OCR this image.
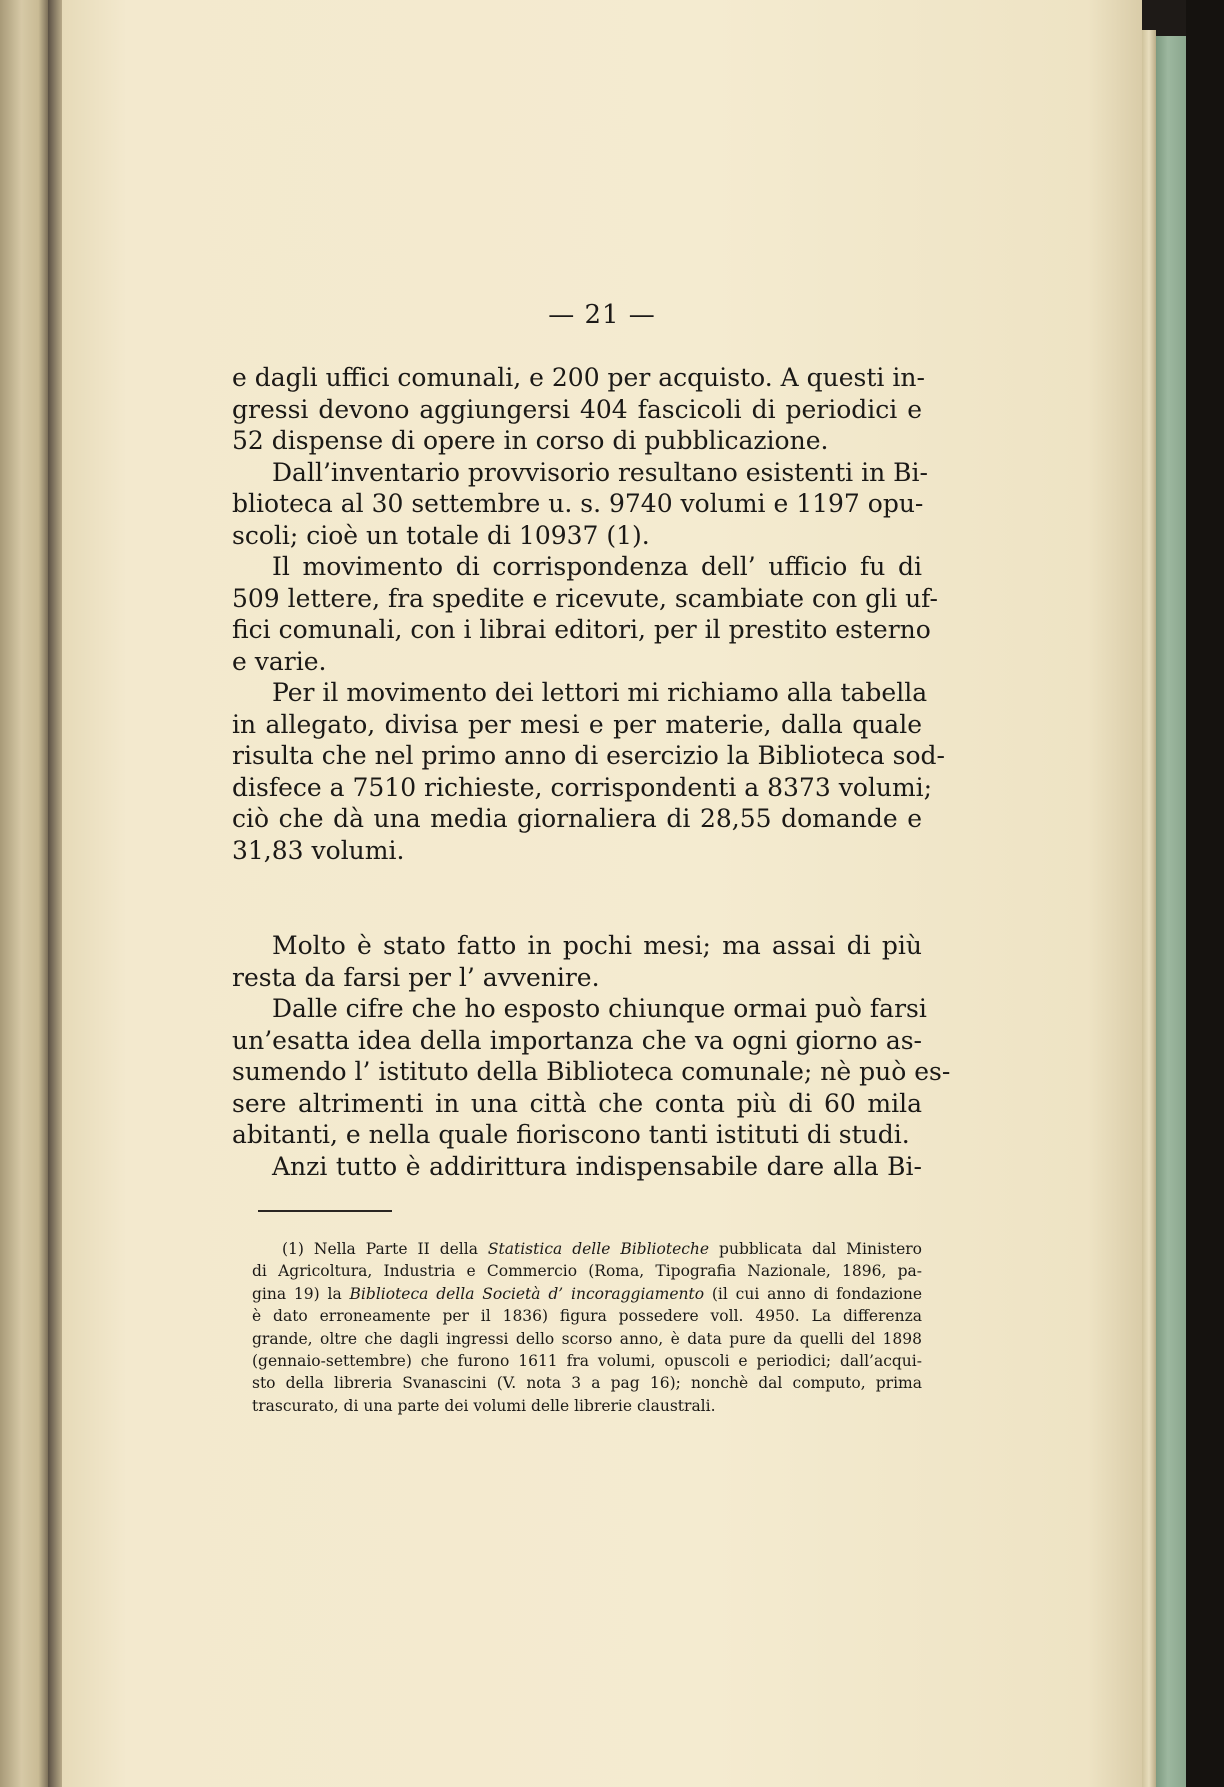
— 21 —
e dagli uffici comunali, e 200 per acquisto. A questi in-
gressi devono aggiungersi 404 fascicoli di periodici e
52 dispense di opere in corso di pubblicazione.
Dall’inventario provvisorio resultano esistenti in Bi-
blioteca al 30 settembre u. s. 9740 volumi e 1197 opu-
scoli; cioè un totale di 10937 (1).
Il movimento di corrispondenza dell’ ufficio fu di
509 lettere, fra spedite e ricevute, scambiate con gli uf-
fici comunali, con i librai editori, per il prestito esterno
e varie.
Per il movimento dei lettori mi richiamo alla tabella
in allegato, divisa per mesi e per materie, dalla quale
risulta che nel primo anno di esercizio la Biblioteca sod-
disfece a 7510 richieste, corrispondenti a 8373 volumi;
ciò che dà una media giornaliera di 28,55 domande e
31,83 volumi.
Molto è stato fatto in pochi mesi; ma assai di più
resta da farsi per l’ avvenire.
Dalle cifre che ho esposto chiunque ormai può farsi
un’esatta idea della importanza che va ogni giorno as-
sumendo l’ istituto della Biblioteca comunale; nè può es-
sere altrimenti in una città che conta più di 60 mila
abitanti, e nella quale fioriscono tanti istituti di studi.
Anzi tutto è addirittura indispensabile dare alla Bi-
(1) Nella Parte II della Statistica delle Biblioteche pubblicata dal Ministero
di Agricoltura, Industria e Commercio (Roma, Tipografia Nazionale, 1896, pa-
gina 19) la Biblioteca della Società d’ incoraggiamento (il cui anno di fondazione
è dato erroneamente per il 1836) figura possedere voll. 4950. La differenza
grande, oltre che dagli ingressi dello scorso anno, è data pure da quelli del 1898
(gennaio-settembre) che furono 1611 fra volumi, opuscoli e periodici; dall’acqui-
sto della libreria Svanascini (V. nota 3 a pag 16); nonchè dal computo, prima
trascurato, di una parte dei volumi delle librerie claustrali.
